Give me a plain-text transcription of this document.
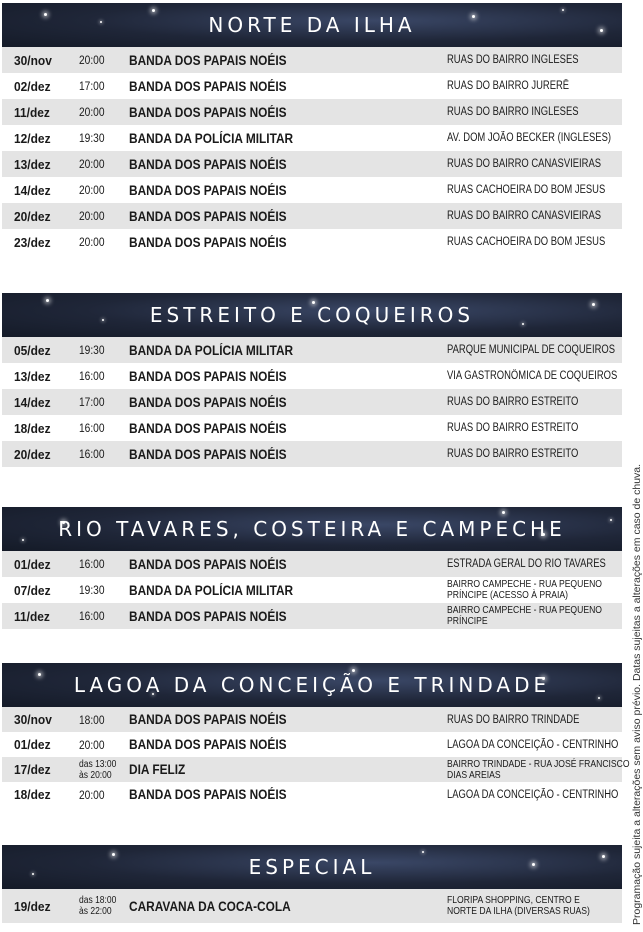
NORTE DA ILHA
30/nov 20:00 BANDA DOS PAPAIS NOÉIS	RUAS DO BAIRRO INGLESES
02/dez 17:00 BANDA DOS PAPAIS NOÉIS	RUAS DO BAIRRO JURERÊ
11/dez 20:00 BANDA DOS PAPAIS NOÉIS	RUAS DO BAIRRO INGLESES
12/dez 19:30 BANDA DA POLÍCIA MILITAR	AV. DOM JOÃO BECKER (INGLESES)
13/dez 20:00 BANDA DOS PAPAIS NOÉIS	RUAS DO BAIRRO CANASVIEIRAS
14/dez 20:00 BANDA DOS PAPAIS NOÉIS	RUAS CACHOEIRA DO BOM JESUS
20/dez 20:00 BANDA DOS PAPAIS NOÉIS	RUAS DO BAIRRO CANASVIEIRAS
23/dez 20:00 BANDA DOS PAPAIS NOÉIS	RUAS CACHOEIRA DO BOM JESUS
ESTREITO E COQUEIROS
05/dez 19:30 BANDA DA POLÍCIA MILITAR	PARQUE MUNICIPAL DE COQUEIROS
13/dez 16:00 BANDA DOS PAPAIS NOÉIS	VIA GASTRONÔMICA DE COQUEIROS
14/dez 17:00 BANDA DOS PAPAIS NOÉIS	RUAS DO BAIRRO ESTREITO
18/dez 16:00 BANDA DOS PAPAIS NOÉIS	RUAS DO BAIRRO ESTREITO
20/dez 16:00 BANDA DOS PAPAIS NOÉIS	RUAS DO BAIRRO ESTREITO
RIO TAVARES, COSTEIRA E CAMPECHE
01/dez 16:00 BANDA DOS PAPAIS NOÉIS	ESTRADA GERAL DO RIO TAVARES
07/dez 19:30 BANDA DA POLÍCIA MILITAR	BAIRRO CAMPECHE - RUA PEQUENO
PRÍNCIPE (ACESSO À PRAIA)
11/dez 16:00 BANDA DOS PAPAIS NOÉIS	BAIRRO CAMPECHE - RUA PEQUENO
PRÍNCIPE
LAGOA DA CONCEIÇÃO E TRINDADE
30/nov 18:00 BANDA DOS PAPAIS NOÉIS	RUAS DO BAIRRO TRINDADE
01/dez 20:00 BANDA DOS PAPAIS NOÉIS	LAGOA DA CONCEIÇÃO - CENTRINHO
17/dez	das 13:00
às 20:00	DIA FELIZ	BAIRRO TRINDADE - RUA JOSÉ FRANCISCO
DIAS AREIAS
18/dez 20:00 BANDA DOS PAPAIS NOÉIS	LAGOA DA CONCEIÇÃO - CENTRINHO
ESPECIAL
19/dez	das 18:00
às 22:00	CARAVANA DA COCA-COLA	FLORIPA SHOPPING, CENTRO E
NORTE DA ILHA (DIVERSAS RUAS)	Programação sujeita a alterações sem aviso prévio. Datas sujeitas a alterações em caso de chuva.
